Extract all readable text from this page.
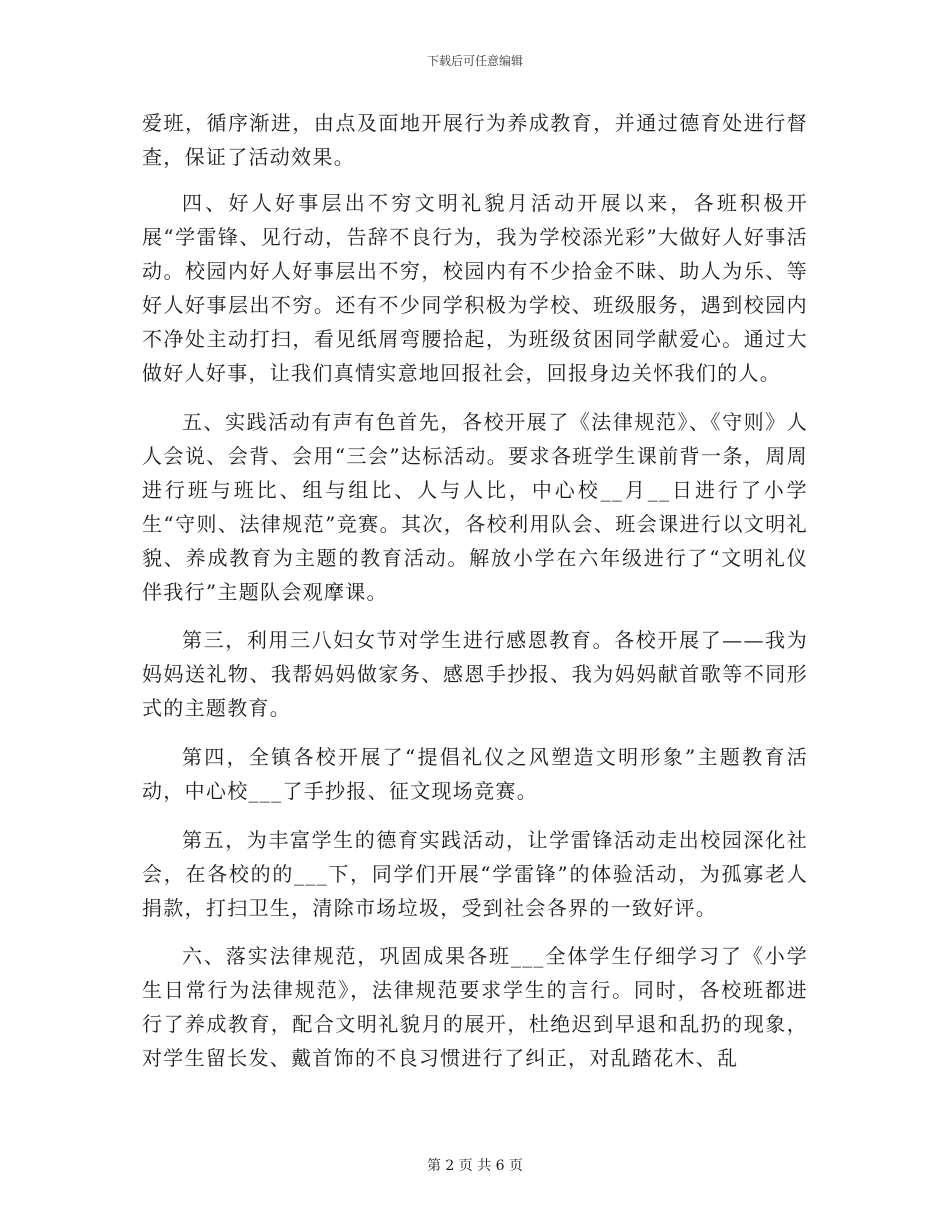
下载后可任意编辑

爱班，循序渐进，由点及面地开展行为养成教育，并通过德育处进行督查，保证了活动效果。

四、好人好事层出不穷文明礼貌月活动开展以来，各班积极开展“学雷锋、见行动，告辞不良行为，我为学校添光彩”大做好人好事活动。校园内好人好事层出不穷，校园内有不少拾金不昧、助人为乐、等好人好事层出不穷。还有不少同学积极为学校、班级服务，遇到校园内不净处主动打扫，看见纸屑弯腰拾起，为班级贫困同学献爱心。通过大做好人好事，让我们真情实意地回报社会，回报身边关怀我们的人。

五、实践活动有声有色首先，各校开展了《法律规范》、《守则》人人会说、会背、会用“三会”达标活动。要求各班学生课前背一条，周周进行班与班比、组与组比、人与人比，中心校__月__日进行了小学生“守则、法律规范”竞赛。其次，各校利用队会、班会课进行以文明礼貌、养成教育为主题的教育活动。解放小学在六年级进行了“文明礼仪伴我行”主题队会观摩课。

第三，利用三八妇女节对学生进行感恩教育。各校开展了——我为妈妈送礼物、我帮妈妈做家务、感恩手抄报、我为妈妈献首歌等不同形式的主题教育。

第四，全镇各校开展了“提倡礼仪之风塑造文明形象”主题教育活动，中心校___了手抄报、征文现场竞赛。

第五，为丰富学生的德育实践活动，让学雷锋活动走出校园深化社会，在各校的的___下，同学们开展“学雷锋”的体验活动，为孤寡老人捐款，打扫卫生，清除市场垃圾，受到社会各界的一致好评。

六、落实法律规范，巩固成果各班___全体学生仔细学习了《小学生日常行为法律规范》，法律规范要求学生的言行。同时，各校班都进行了养成教育，配合文明礼貌月的展开，杜绝迟到早退和乱扔的现象，对学生留长发、戴首饰的不良习惯进行了纠正，对乱踏花木、乱

第 2 页 共 6 页
